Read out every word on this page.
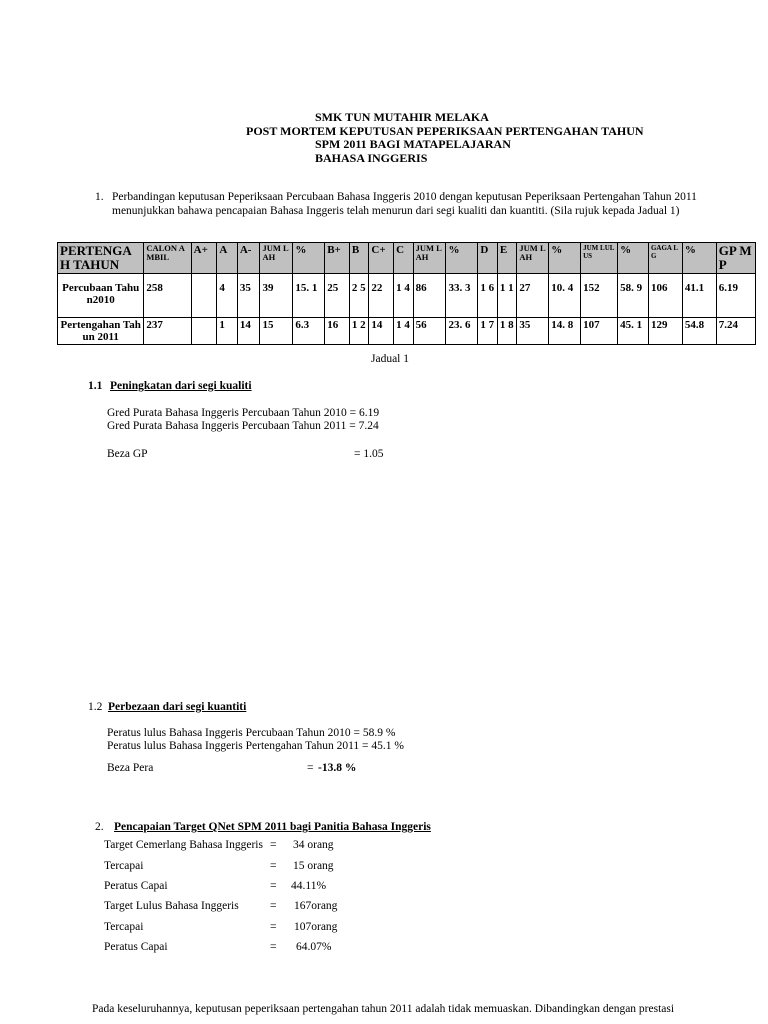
SMK TUN MUTAHIR MELAKA
POST MORTEM KEPUTUSAN PEPERIKSAAN PERTENGAHAN TAHUN
SPM 2011 BAGI MATAPELAJARAN
BAHASA INGGERIS
1. Perbandingan keputusan Peperiksaan Percubaan Bahasa Inggeris 2010 dengan keputusan Peperiksaan Pertengahan Tahun 2011 menunjukkan bahawa pencapaian Bahasa Inggeris telah menurun dari segi kualiti dan kuantiti. (Sila rujuk kepada Jadual 1)
PERTENGAH TAHUN	CALON AMBIL	A+	A	A-	JUM LAH	%	B+	B	C+	C	JUM LAH	%	D	E	JUM LAH	%	JUM LULUS	%	GAGA L G	%	GP MP
Percubaan Tahun2010	258		4	35	39	15. 1	25	2 5	22	1 4	86	33. 3	1 6	1 1	27	10. 4	152	58. 9	106	41.1	6.19
Pertengahan Tahun 2011	237		1	14	15	6.3	16	1 2	14	1 4	56	23. 6	1 7	1 8	35	14. 8	107	45. 1	129	54.8	7.24
Jadual 1
1.1 Peningkatan dari segi kualiti
Gred Purata Bahasa Inggeris Percubaan Tahun 2010 = 6.19
Gred Purata Bahasa Inggeris Percubaan Tahun 2011 = 7.24
Beza GP	= 1.05
1.2 Perbezaan dari segi kuantiti
Peratus lulus Bahasa Inggeris Percubaan Tahun 2010 = 58.9 %
Peratus lulus Bahasa Inggeris Pertengahan Tahun 2011 = 45.1 %
Beza Pera	= -13.8 %
2. Pencapaian Target QNet SPM 2011 bagi Panitia Bahasa Inggeris
Target Cemerlang Bahasa Inggeris = 34 orang
Tercapai	= 15 orang
Peratus Capai	= 44.11%
Target Lulus Bahasa Inggeris	= 167orang
Tercapai	= 107orang
Peratus Capai	= 64.07%
Pada keseluruhannya, keputusan peperiksaan pertengahan tahun 2011 adalah tidak memuaskan. Dibandingkan dengan prestasi
